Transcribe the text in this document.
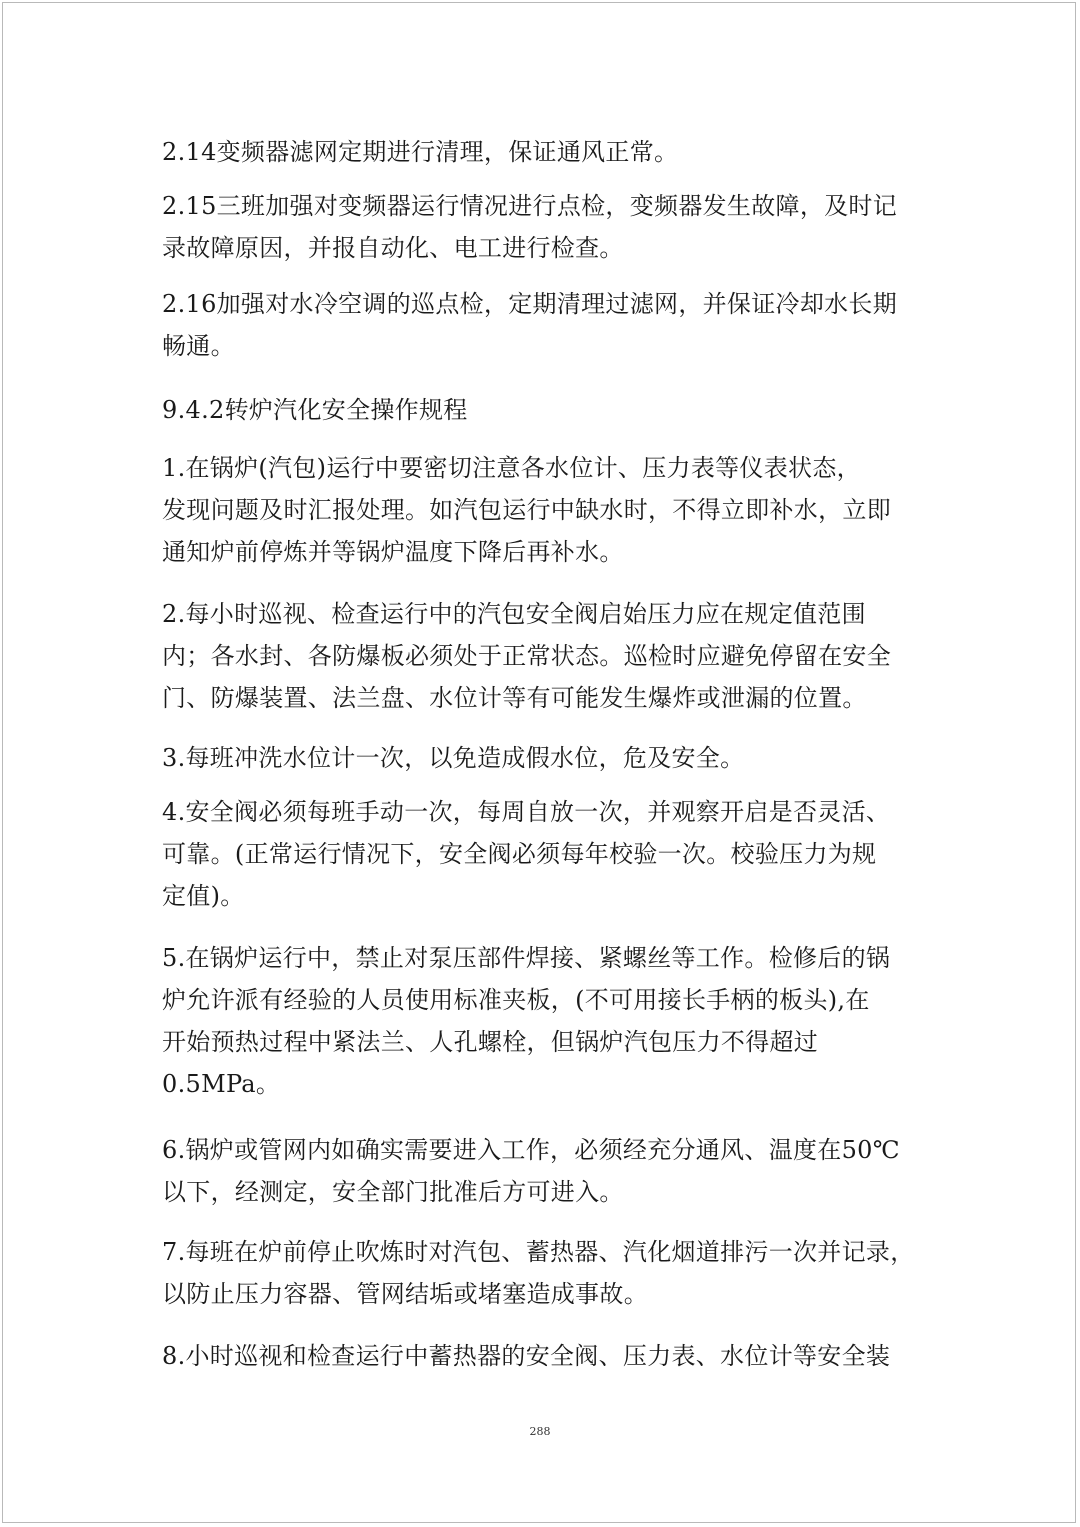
2.14变频器滤网定期进行清理，保证通风正常。

2.15三班加强对变频器运行情况进行点检，变频器发生故障，及时记

录故障原因，并报自动化、电工进行检查。

2.16加强对水冷空调的巡点检，定期清理过滤网，并保证冷却水长期

畅通。

9.4.2转炉汽化安全操作规程

1.在锅炉(汽包)运行中要密切注意各水位计、压力表等仪表状态，

发现问题及时汇报处理。如汽包运行中缺水时，不得立即补水，立即

通知炉前停炼并等锅炉温度下降后再补水。

2.每小时巡视、检查运行中的汽包安全阀启始压力应在规定值范围

内；各水封、各防爆板必须处于正常状态。巡检时应避免停留在安全

门、防爆装置、法兰盘、水位计等有可能发生爆炸或泄漏的位置。

3.每班冲洗水位计一次，以免造成假水位，危及安全。

4.安全阀必须每班手动一次，每周自放一次，并观察开启是否灵活、

可靠。(正常运行情况下，安全阀必须每年校验一次。校验压力为规

定值)。

5.在锅炉运行中，禁止对泵压部件焊接、紧螺丝等工作。检修后的锅

炉允许派有经验的人员使用标准夹板，(不可用接长手柄的板头),在

开始预热过程中紧法兰、人孔螺栓，但锅炉汽包压力不得超过

0.5MPa。

6.锅炉或管网内如确实需要进入工作，必须经充分通风、温度在50℃

以下，经测定，安全部门批准后方可进入。

7.每班在炉前停止吹炼时对汽包、蓄热器、汽化烟道排污一次并记录，

以防止压力容器、管网结垢或堵塞造成事故。

8.小时巡视和检查运行中蓄热器的安全阀、压力表、水位计等安全装

288
